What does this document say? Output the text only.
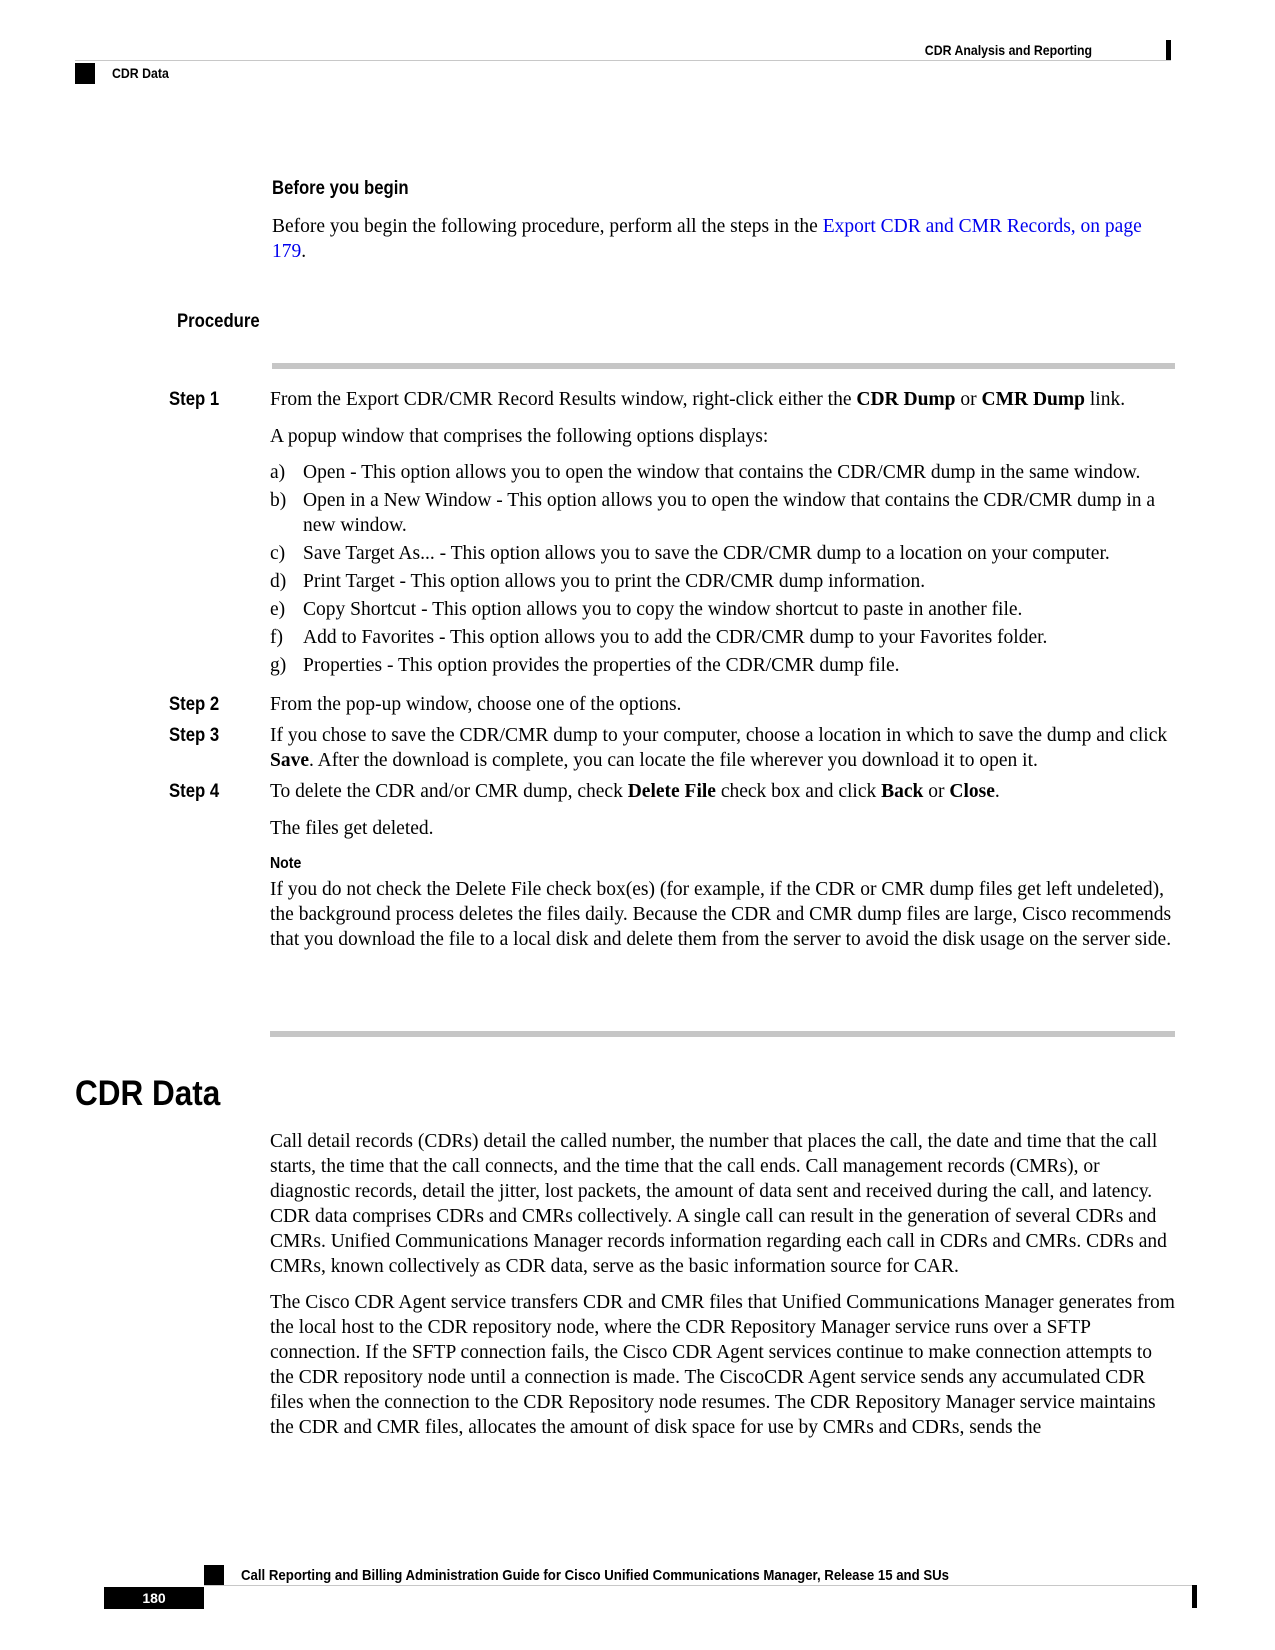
CDR Analysis and Reporting
CDR Data
Before you begin
Before you begin the following procedure, perform all the steps in the Export CDR and CMR Records, on page 179.
Procedure
Step 1	From the Export CDR/CMR Record Results window, right-click either the CDR Dump or CMR Dump link.
A popup window that comprises the following options displays:
a) Open - This option allows you to open the window that contains the CDR/CMR dump in the same window.
b) Open in a New Window - This option allows you to open the window that contains the CDR/CMR dump in a new window.
c) Save Target As... - This option allows you to save the CDR/CMR dump to a location on your computer.
d) Print Target - This option allows you to print the CDR/CMR dump information.
e) Copy Shortcut - This option allows you to copy the window shortcut to paste in another file.
f)	Add to Favorites - This option allows you to add the CDR/CMR dump to your Favorites folder.
g) Properties - This option provides the properties of the CDR/CMR dump file.
Step 2	From the pop-up window, choose one of the options.
Step 3	If you chose to save the CDR/CMR dump to your computer, choose a location in which to save the dump and click Save. After the download is complete, you can locate the file wherever you download it to open it.
Step 4	To delete the CDR and/or CMR dump, check Delete File check box and click Back or Close.
The files get deleted.
Note
If you do not check the Delete File check box(es) (for example, if the CDR or CMR dump files get left undeleted), the background process deletes the files daily. Because the CDR and CMR dump files are large, Cisco recommends that you download the file to a local disk and delete them from the server to avoid the disk usage on the server side.
CDR Data
Call detail records (CDRs) detail the called number, the number that places the call, the date and time that the call starts, the time that the call connects, and the time that the call ends. Call management records (CMRs), or diagnostic records, detail the jitter, lost packets, the amount of data sent and received during the call, and latency. CDR data comprises CDRs and CMRs collectively. A single call can result in the generation of several CDRs and CMRs. Unified Communications Manager records information regarding each call in CDRs and CMRs. CDRs and CMRs, known collectively as CDR data, serve as the basic information source for CAR.
The Cisco CDR Agent service transfers CDR and CMR files that Unified Communications Manager generates from the local host to the CDR repository node, where the CDR Repository Manager service runs over a SFTP connection. If the SFTP connection fails, the Cisco CDR Agent services continue to make connection attempts to the CDR repository node until a connection is made. The CiscoCDR Agent service sends any accumulated CDR files when the connection to the CDR Repository node resumes. The CDR Repository Manager service maintains the CDR and CMR files, allocates the amount of disk space for use by CMRs and CDRs, sends the
Call Reporting and Billing Administration Guide for Cisco Unified Communications Manager, Release 15 and SUs
180
